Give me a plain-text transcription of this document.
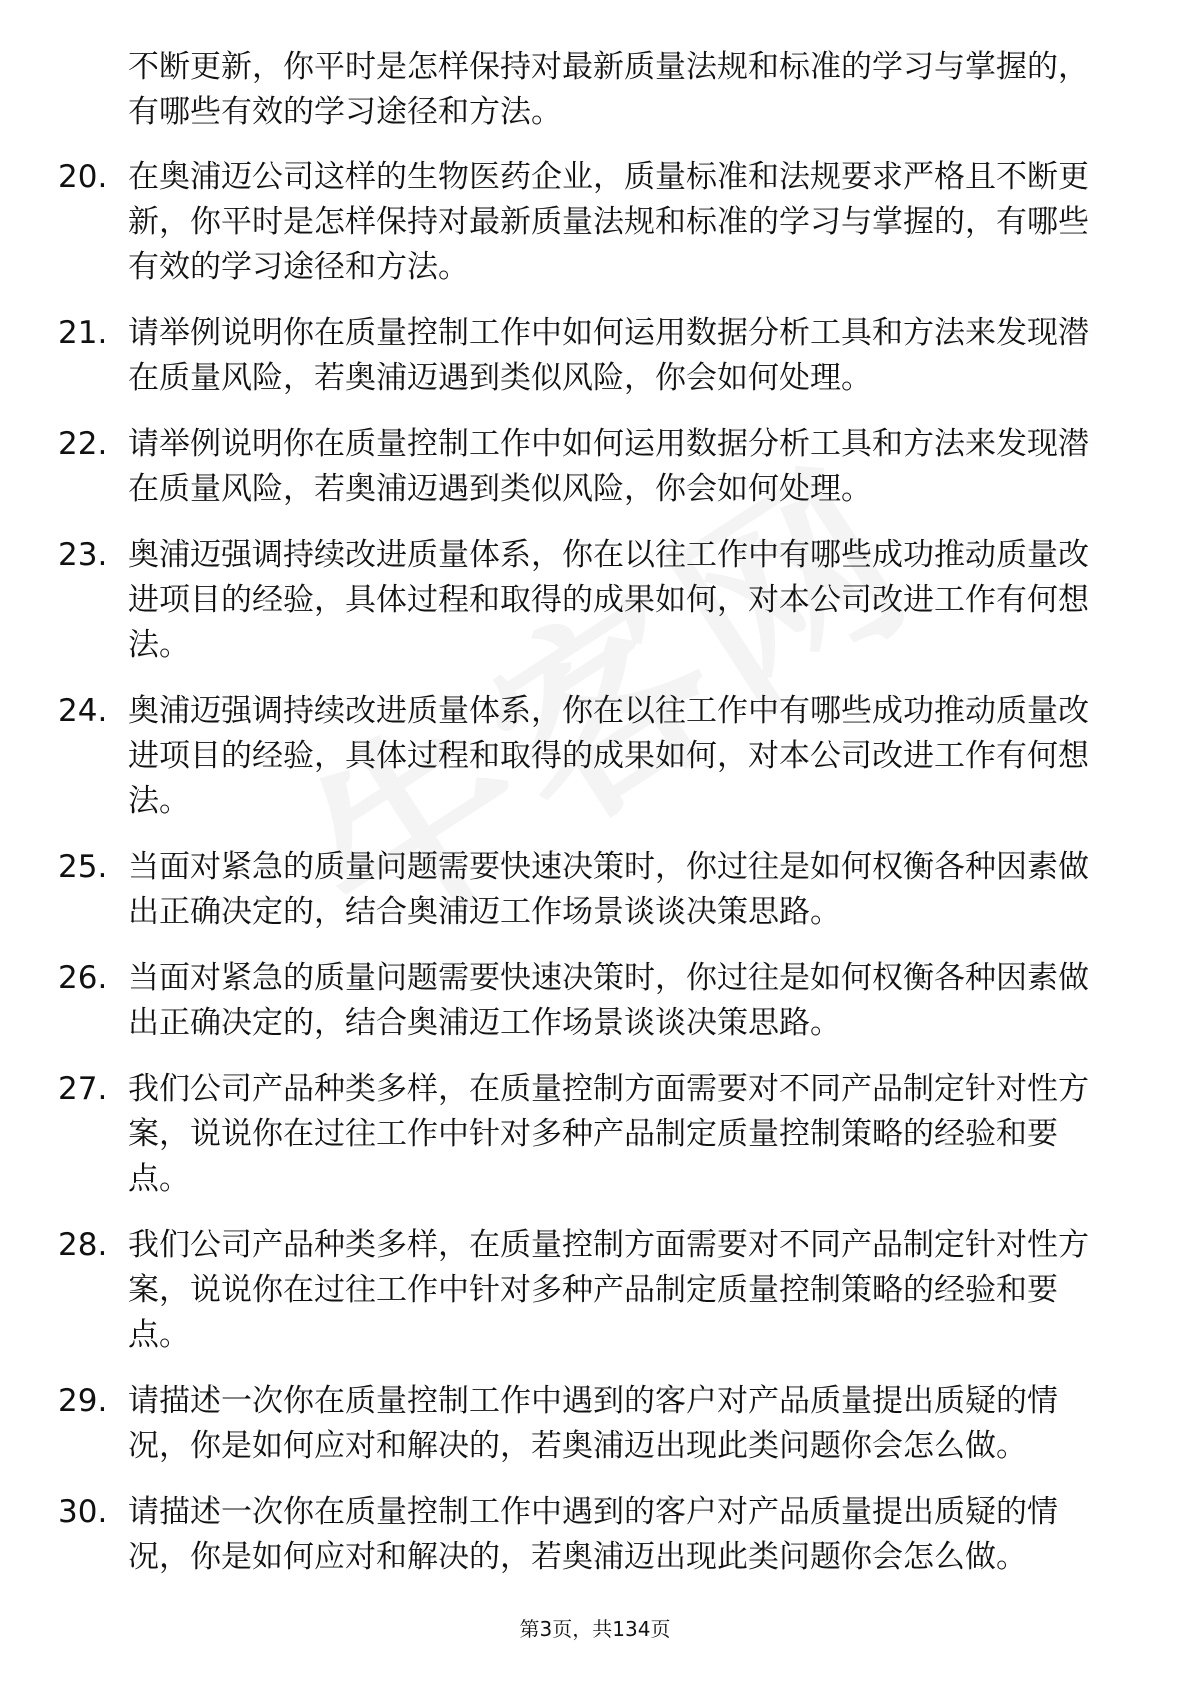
不断更新，你平时是怎样保持对最新质量法规和标准的学习与掌握的，有哪些有效的学习途径和方法。
20. 在奥浦迈公司这样的生物医药企业，质量标准和法规要求严格且不断更新，你平时是怎样保持对最新质量法规和标准的学习与掌握的，有哪些有效的学习途径和方法。
21. 请举例说明你在质量控制工作中如何运用数据分析工具和方法来发现潜在质量风险，若奥浦迈遇到类似风险，你会如何处理。
22. 请举例说明你在质量控制工作中如何运用数据分析工具和方法来发现潜在质量风险，若奥浦迈遇到类似风险，你会如何处理。
23. 奥浦迈强调持续改进质量体系，你在以往工作中有哪些成功推动质量改进项目的经验，具体过程和取得的成果如何，对本公司改进工作有何想法。
24. 奥浦迈强调持续改进质量体系，你在以往工作中有哪些成功推动质量改进项目的经验，具体过程和取得的成果如何，对本公司改进工作有何想法。
25. 当面对紧急的质量问题需要快速决策时，你过往是如何权衡各种因素做出正确决定的，结合奥浦迈工作场景谈谈决策思路。
26. 当面对紧急的质量问题需要快速决策时，你过往是如何权衡各种因素做出正确决定的，结合奥浦迈工作场景谈谈决策思路。
27. 我们公司产品种类多样，在质量控制方面需要对不同产品制定针对性方案，说说你在过往工作中针对多种产品制定质量控制策略的经验和要点。
28. 我们公司产品种类多样，在质量控制方面需要对不同产品制定针对性方案，说说你在过往工作中针对多种产品制定质量控制策略的经验和要点。
29. 请描述一次你在质量控制工作中遇到的客户对产品质量提出质疑的情况，你是如何应对和解决的，若奥浦迈出现此类问题你会怎么做。
30. 请描述一次你在质量控制工作中遇到的客户对产品质量提出质疑的情况，你是如何应对和解决的，若奥浦迈出现此类问题你会怎么做。
第3页，共134页
